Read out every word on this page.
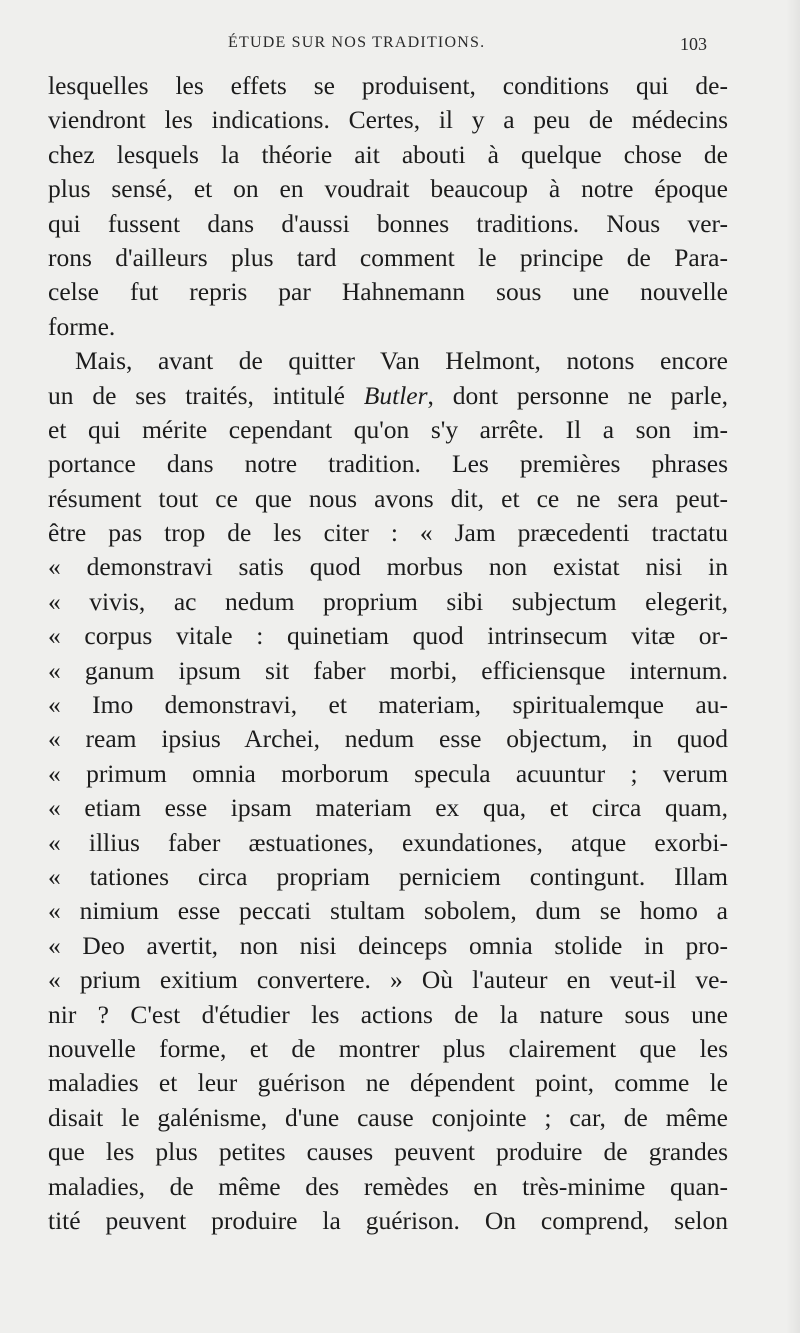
ÉTUDE SUR NOS TRADITIONS.	103
lesquelles les effets se produisent, conditions qui de-
viendront les indications. Certes, il y a peu de médecins
chez lesquels la théorie ait abouti à quelque chose de
plus sensé, et on en voudrait beaucoup à notre époque
qui fussent dans d'aussi bonnes traditions. Nous ver-
rons d'ailleurs plus tard comment le principe de Para-
celse fut repris par Hahnemann sous une nouvelle
forme.
Mais, avant de quitter Van Helmont, notons encore
un de ses traités, intitulé Butler, dont personne ne parle,
et qui mérite cependant qu'on s'y arrête. Il a son im-
portance dans notre tradition. Les premières phrases
résument tout ce que nous avons dit, et ce ne sera peut-
être pas trop de les citer : « Jam præcedenti tractatu
« demonstravi satis quod morbus non existat nisi in
« vivis, ac nedum proprium sibi subjectum elegerit,
« corpus vitale : quinetiam quod intrinsecum vitæ or-
« ganum ipsum sit faber morbi, efficiensque internum.
« Imo demonstravi, et materiam, spiritualemque au-
« ream ipsius Archei, nedum esse objectum, in quod
« primum omnia morborum specula acuuntur ; verum
« etiam esse ipsam materiam ex qua, et circa quam,
« illius faber æstuationes, exundationes, atque exorbi-
« tationes circa propriam perniciem contingunt. Illam
« nimium esse peccati stultam sobolem, dum se homo a
« Deo avertit, non nisi deinceps omnia stolide in pro-
« prium exitium convertere. » Où l'auteur en veut-il ve-
nir ? C'est d'étudier les actions de la nature sous une
nouvelle forme, et de montrer plus clairement que les
maladies et leur guérison ne dépendent point, comme le
disait le galénisme, d'une cause conjointe ; car, de même
que les plus petites causes peuvent produire de grandes
maladies, de même des remèdes en très-minime quan-
tité peuvent produire la guérison. On comprend, selon
